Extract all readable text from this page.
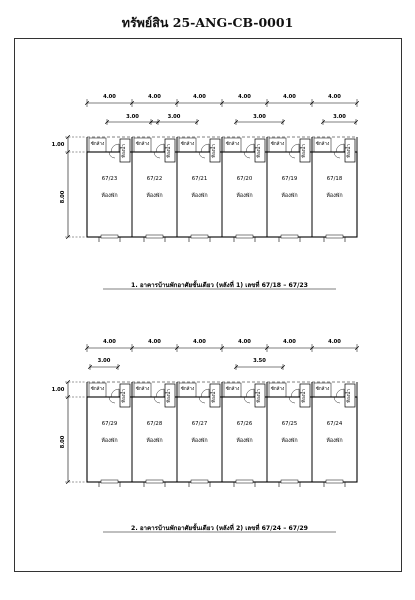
ทรัพย์สิน 25-ANG-CB-0001
4.00	4.00	4.00	4.00	4.00	4.00
3.00	3.00	3.00	3.00
1.00
8.00
ซักล้าง	ห้องน้ำ
67/23
ห้องพัก
ซักล้าง	ห้องน้ำ
67/22
ห้องพัก
ซักล้าง	ห้องน้ำ
67/21
ห้องพัก
ซักล้าง	ห้องน้ำ
67/20
ห้องพัก
ซักล้าง	ห้องน้ำ
67/19
ห้องพัก
ซักล้าง	ห้องน้ำ
67/18
ห้องพัก
1. อาคารบ้านพักอาศัยชั้นเดียว (หลังที่ 1) เลขที่ 67/18 – 67/23
4.00	4.00	4.00	4.00	4.00	4.00
3.00	3.50
1.00
8.00
ซักล้าง	ห้องน้ำ
67/29
ห้องพัก
ซักล้าง	ห้องน้ำ
67/28
ห้องพัก
ซักล้าง	ห้องน้ำ
67/27
ห้องพัก
ซักล้าง	ห้องน้ำ
67/26
ห้องพัก
ซักล้าง	ห้องน้ำ
67/25
ห้องพัก
ซักล้าง	ห้องน้ำ
67/24
ห้องพัก
2. อาคารบ้านพักอาศัยชั้นเดียว (หลังที่ 2) เลขที่ 67/24 – 67/29
